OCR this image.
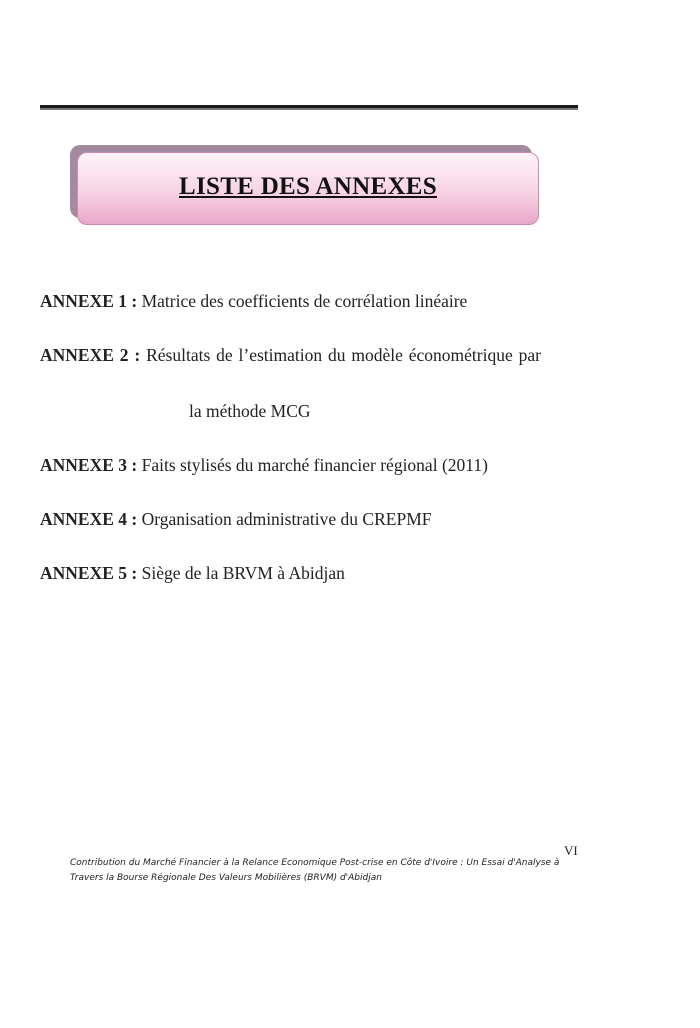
LISTE DES ANNEXES
ANNEXE 1 : Matrice des coefficients de corrélation linéaire
ANNEXE 2 : Résultats de l’estimation du modèle économétrique par
la méthode MCG
ANNEXE 3 : Faits stylisés du marché financier régional (2011)
ANNEXE 4 : Organisation administrative du CREPMF
ANNEXE 5 : Siège de la BRVM à Abidjan
VI
Contribution du Marché Financier à la Relance Economique Post-crise en Côte d'Ivoire : Un Essai d'Analyse à
Travers la Bourse Régionale Des Valeurs Mobilières (BRVM) d'Abidjan
